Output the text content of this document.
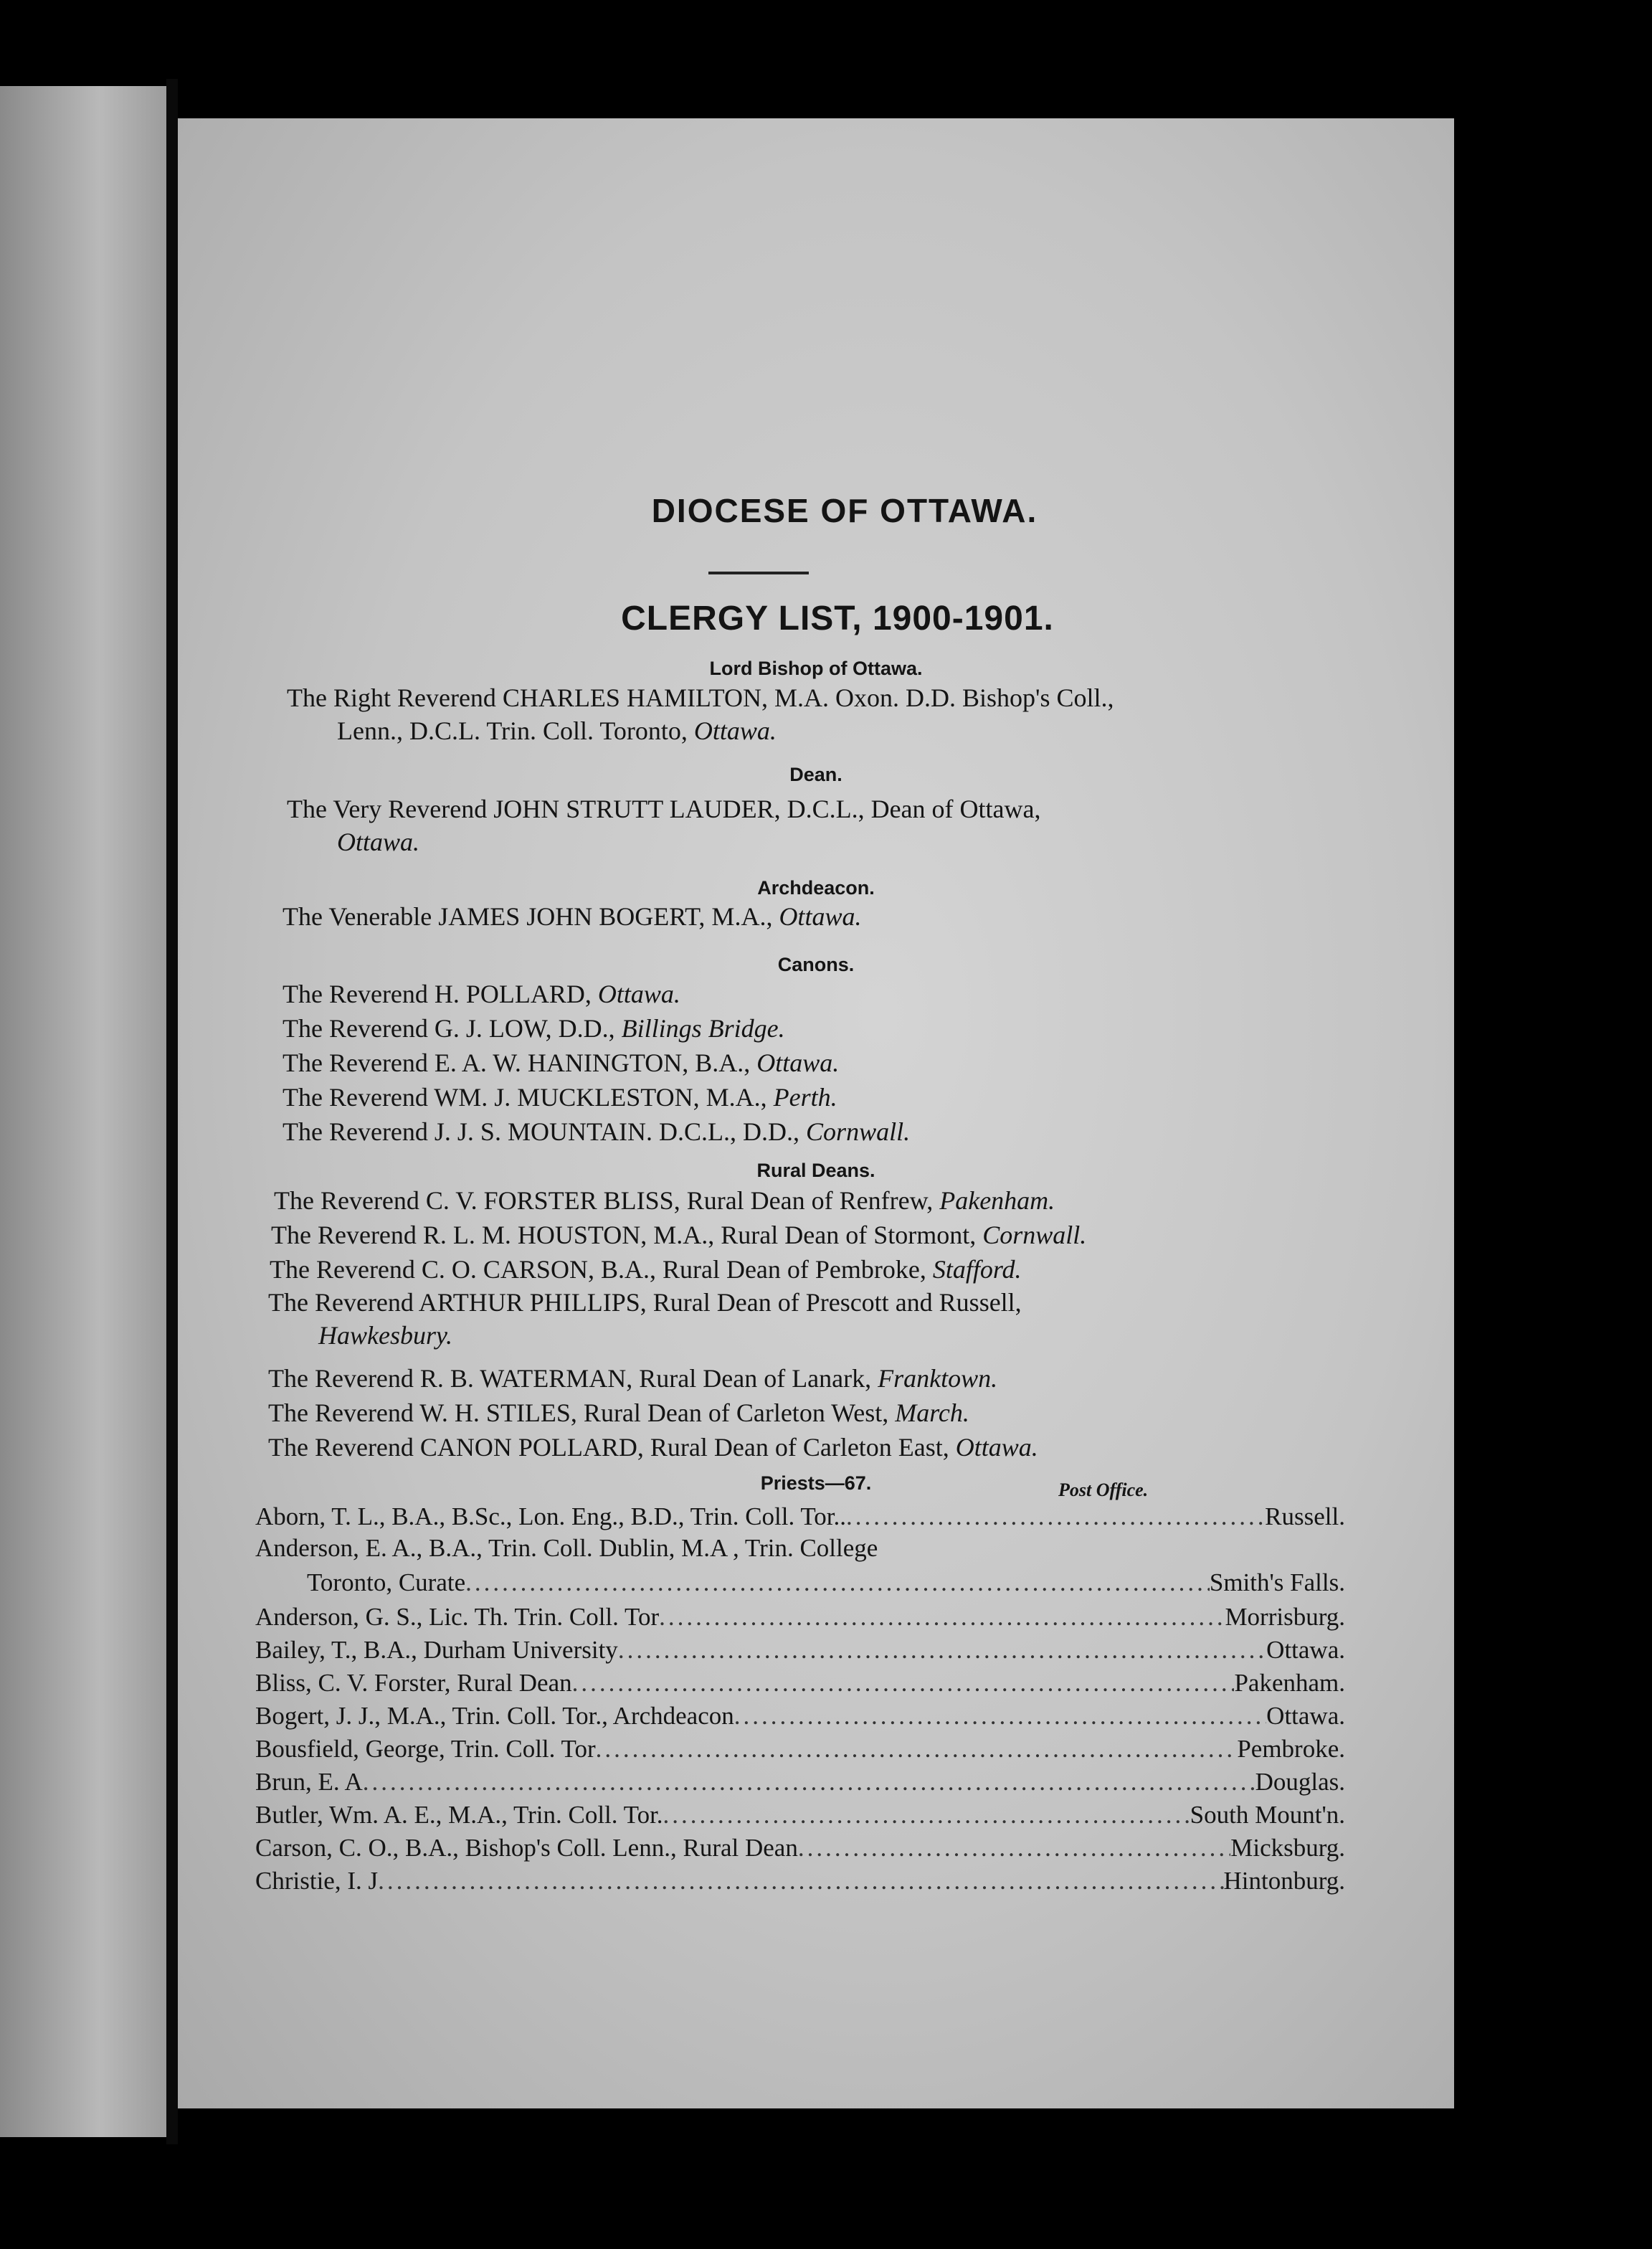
DIOCESE OF OTTAWA.
CLERGY LIST, 1900-1901.
Lord Bishop of Ottawa.
The Right Reverend CHARLES HAMILTON, M.A. Oxon. D.D. Bishop's Coll.,
Lenn., D.C.L. Trin. Coll. Toronto, Ottawa.
Dean.
The Very Reverend JOHN STRUTT LAUDER, D.C.L., Dean of Ottawa,
Ottawa.
Archdeacon.
The Venerable JAMES JOHN BOGERT, M.A., Ottawa.
Canons.
The Reverend H. POLLARD, Ottawa.
The Reverend G. J. LOW, D.D., Billings Bridge.
The Reverend E. A. W. HANINGTON, B.A., Ottawa.
The Reverend WM. J. MUCKLESTON, M.A., Perth.
The Reverend J. J. S. MOUNTAIN. D.C.L., D.D., Cornwall.
Rural Deans.
The Reverend C. V. FORSTER BLISS, Rural Dean of Renfrew, Pakenham.
The Reverend R. L. M. HOUSTON, M.A., Rural Dean of Stormont, Cornwall.
The Reverend C. O. CARSON, B.A., Rural Dean of Pembroke, Stafford.
The Reverend ARTHUR PHILLIPS, Rural Dean of Prescott and Russell,
Hawkesbury.
The Reverend R. B. WATERMAN, Rural Dean of Lanark, Franktown.
The Reverend W. H. STILES, Rural Dean of Carleton West, March.
The Reverend CANON POLLARD, Rural Dean of Carleton East, Ottawa.
Priests—67.	Post Office.
Aborn, T. L., B.A., B.Sc., Lon. Eng., B.D., Trin. Coll. Tor.. .....	Russell.
Anderson, E. A., B.A., Trin. Coll. Dublin, M.A , Trin. College
Toronto, Curate .....	Smith's Falls.
Anderson, G. S., Lic. Th. Trin. Coll. Tor .....	Morrisburg.
Bailey, T., B.A., Durham University .....	Ottawa.
Bliss, C. V. Forster, Rural Dean .....	Pakenham.
Bogert, J. J., M.A., Trin. Coll. Tor., Archdeacon .....	Ottawa.
Bousfield, George, Trin. Coll. Tor .....	Pembroke.
Brun, E. A .....	Douglas.
Butler, Wm. A. E., M.A., Trin. Coll. Tor. .....	South Mount'n.
Carson, C. O., B.A., Bishop's Coll. Lenn., Rural Dean .....	Micksburg.
Christie, I. J .....	Hintonburg.
